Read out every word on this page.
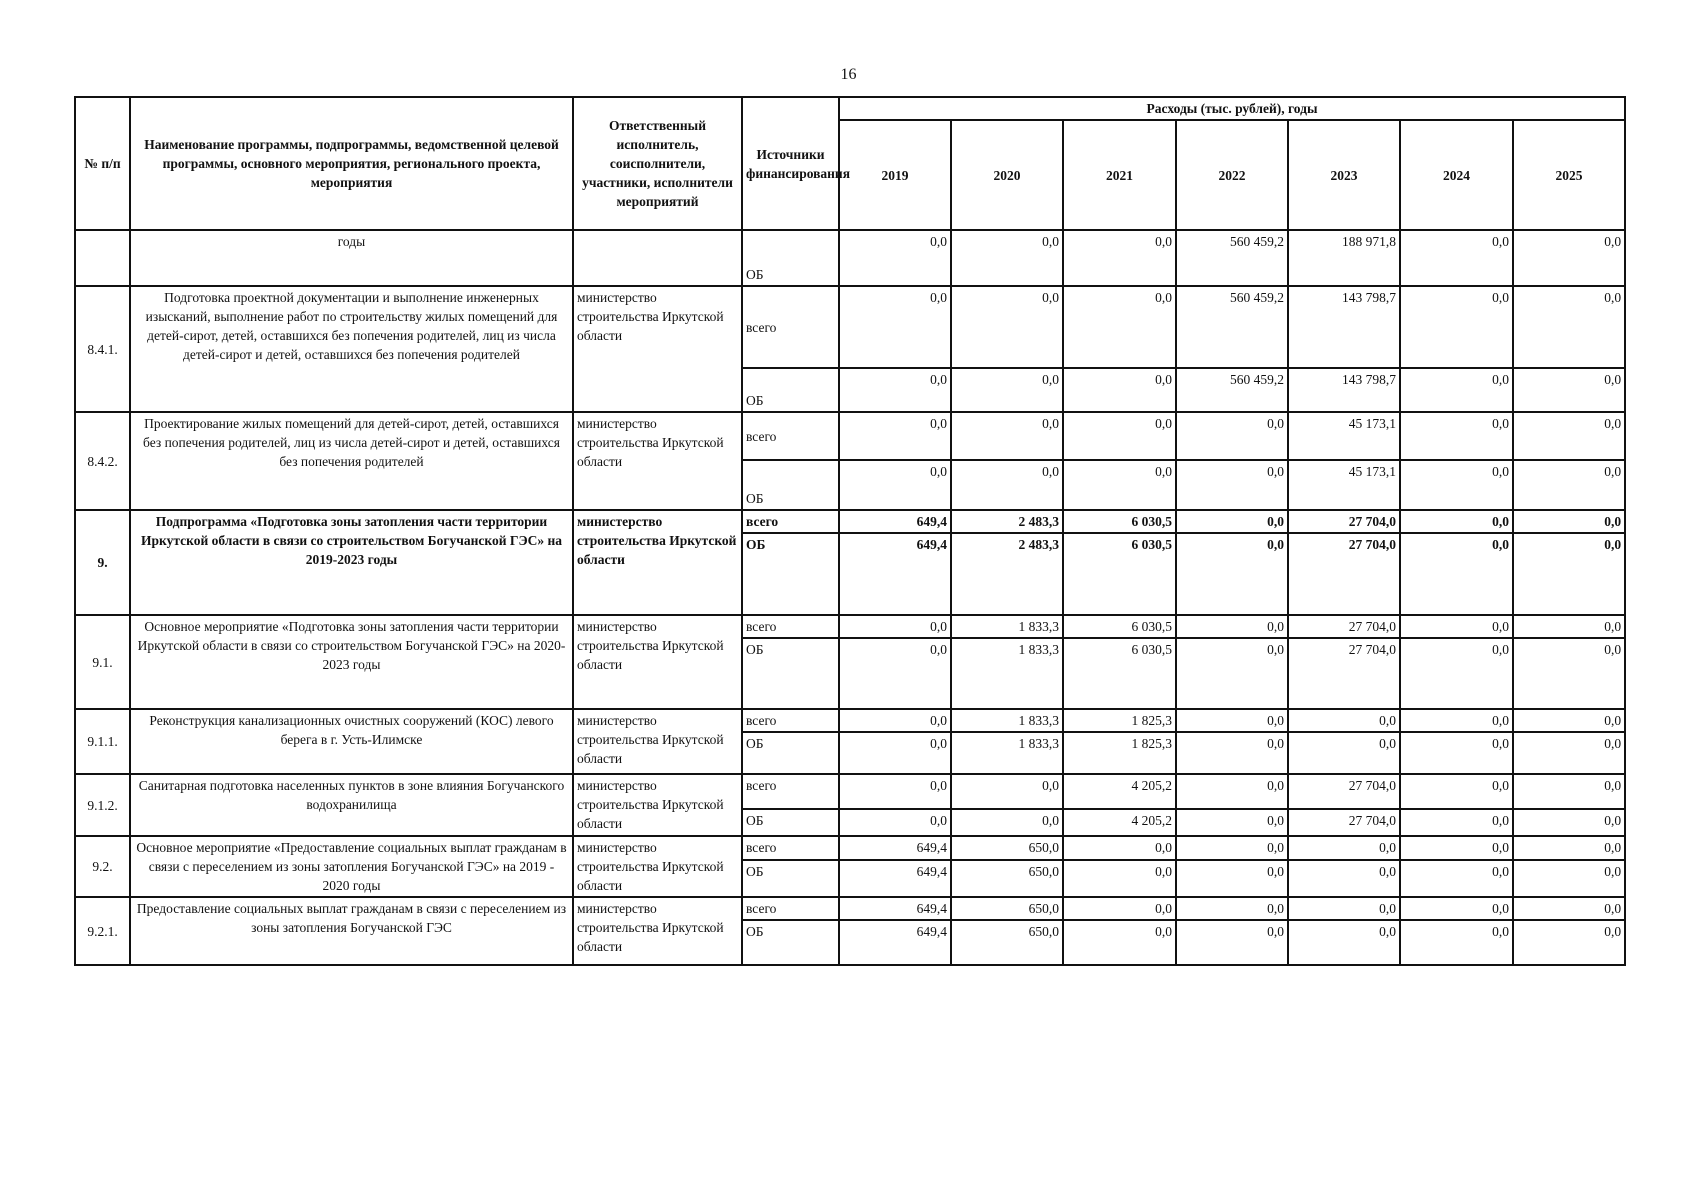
16
№ п/п	Наименование программы, подпрограммы, ведомственной целевой программы, основного мероприятия, регионального проекта, мероприятия	Ответственный исполнитель, соисполнители, участники, исполнители мероприятий	Источники финансирования	Расходы (тыс. рублей), годы						
				2019	2020	2021	2022	2023	2024	2025
	годы		ОБ	0,0	0,0	0,0	560 459,2	188 971,8	0,0	0,0
8.4.1.	Подготовка проектной документации и выполнение инженерных изысканий, выполнение работ по строительству жилых помещений для детей-сирот, детей, оставшихся без попечения родителей, лиц из числа детей-сирот и детей, оставшихся без попечения родителей	министерство строительства Иркутской области	всего	0,0	0,0	0,0	560 459,2	143 798,7	0,0	0,0
			ОБ	0,0	0,0	0,0	560 459,2	143 798,7	0,0	0,0
8.4.2.	Проектирование жилых помещений для детей-сирот, детей, оставшихся без попечения родителей, лиц из числа детей-сирот и детей, оставшихся без попечения родителей	министерство строительства Иркутской области	всего	0,0	0,0	0,0	0,0	45 173,1	0,0	0,0
			ОБ	0,0	0,0	0,0	0,0	45 173,1	0,0	0,0
9.	Подпрограмма «Подготовка зоны затопления части территории Иркутской области в связи со строительством Богучанской ГЭС» на 2019-2023 годы	министерство строительства Иркутской области	всего	649,4	2 483,3	6 030,5	0,0	27 704,0	0,0	0,0
			ОБ	649,4	2 483,3	6 030,5	0,0	27 704,0	0,0	0,0
9.1.	Основное мероприятие «Подготовка зоны затопления части территории Иркутской области в связи со строительством Богучанской ГЭС» на 2020-2023 годы	министерство строительства Иркутской области	всего	0,0	1 833,3	6 030,5	0,0	27 704,0	0,0	0,0
			ОБ	0,0	1 833,3	6 030,5	0,0	27 704,0	0,0	0,0
9.1.1.	Реконструкция канализационных очистных сооружений (КОС) левого берега в г. Усть-Илимске	министерство строительства Иркутской области	всего	0,0	1 833,3	1 825,3	0,0	0,0	0,0	0,0
			ОБ	0,0	1 833,3	1 825,3	0,0	0,0	0,0	0,0
9.1.2.	Санитарная подготовка населенных пунктов в зоне влияния Богучанского водохранилища	министерство строительства Иркутской области	всего	0,0	0,0	4 205,2	0,0	27 704,0	0,0	0,0
			ОБ	0,0	0,0	4 205,2	0,0	27 704,0	0,0	0,0
9.2.	Основное мероприятие «Предоставление социальных выплат гражданам в связи с переселением из зоны затопления Богучанской ГЭС» на 2019 - 2020 годы	министерство строительства Иркутской области	всего	649,4	650,0	0,0	0,0	0,0	0,0	0,0
			ОБ	649,4	650,0	0,0	0,0	0,0	0,0	0,0
9.2.1.	Предоставление социальных выплат гражданам в связи с переселением из зоны затопления Богучанской ГЭС	министерство строительства Иркутской области	всего	649,4	650,0	0,0	0,0	0,0	0,0	0,0
			ОБ	649,4	650,0	0,0	0,0	0,0	0,0	0,0
